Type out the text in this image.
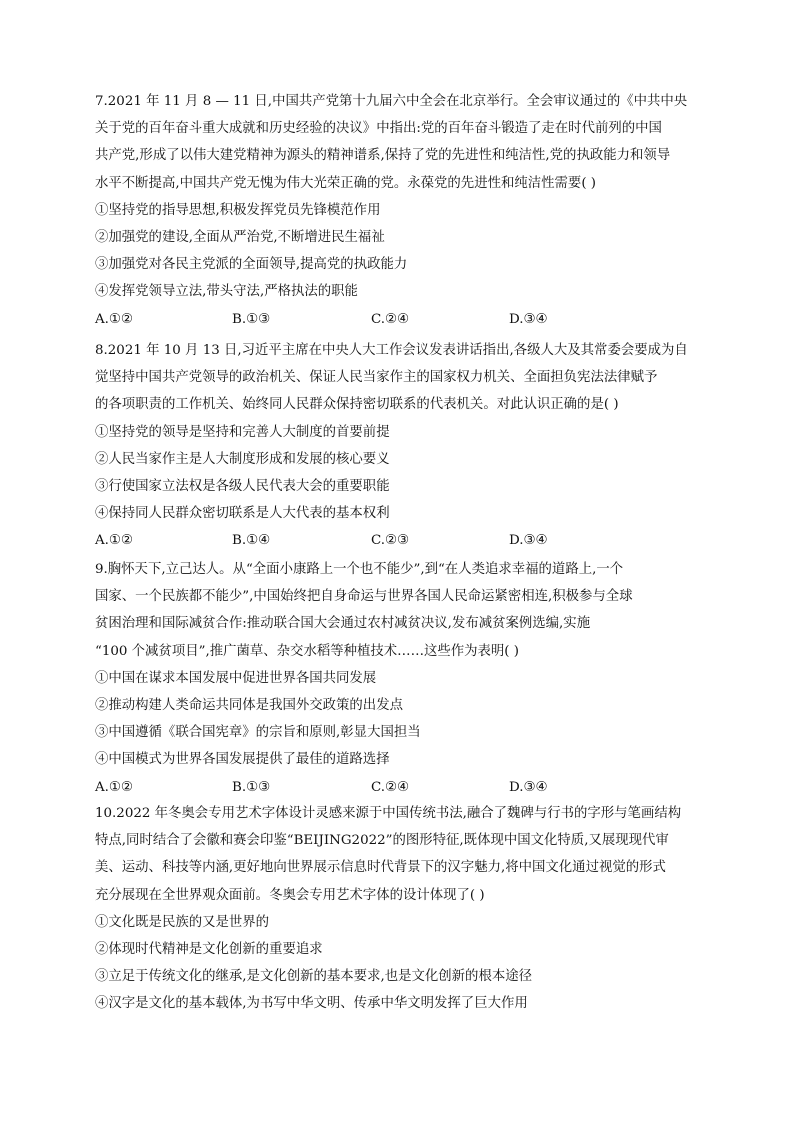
7.2021 年 11 月 8 — 11 日,中国共产党第十九届六中全会在北京举行。全会审议通过的《中共中央
关于党的百年奋斗重大成就和历史经验的决议》中指出:党的百年奋斗锻造了走在时代前列的中国
共产党,形成了以伟大建党精神为源头的精神谱系,保持了党的先进性和纯洁性,党的执政能力和领导
水平不断提高,中国共产党无愧为伟大光荣正确的党。永葆党的先进性和纯洁性需要( )
①坚持党的指导思想,积极发挥党员先锋模范作用
②加强党的建设,全面从严治党,不断增进民生福祉
③加强党对各民主党派的全面领导,提高党的执政能力
④发挥党领导立法,带头守法,严格执法的职能
A.①②	B.①③	C.②④	D.③④
8.2021 年 10 月 13 日,习近平主席在中央人大工作会议发表讲话指出,各级人大及其常委会要成为自
觉坚持中国共产党领导的政治机关、保证人民当家作主的国家权力机关、全面担负宪法法律赋予
的各项职责的工作机关、始终同人民群众保持密切联系的代表机关。对此认识正确的是( )
①坚持党的领导是坚持和完善人大制度的首要前提
②人民当家作主是人大制度形成和发展的核心要义
③行使国家立法权是各级人民代表大会的重要职能
④保持同人民群众密切联系是人大代表的基本权利
A.①②	B.①④	C.②③	D.③④
9.胸怀天下,立己达人。从“全面小康路上一个也不能少”,到“在人类追求幸福的道路上,一个
国家、一个民族都不能少”,中国始终把自身命运与世界各国人民命运紧密相连,积极参与全球
贫困治理和国际减贫合作:推动联合国大会通过农村减贫决议,发布减贫案例选编,实施
“100 个减贫项目”,推广菌草、杂交水稻等种植技术……这些作为表明( )
①中国在谋求本国发展中促进世界各国共同发展
②推动构建人类命运共同体是我国外交政策的出发点
③中国遵循《联合国宪章》的宗旨和原则,彰显大国担当
④中国模式为世界各国发展提供了最佳的道路选择
A.①②	B.①③	C.②④	D.③④
10.2022 年冬奥会专用艺术字体设计灵感来源于中国传统书法,融合了魏碑与行书的字形与笔画结构
特点,同时结合了会徽和赛会印鉴“BEIJING2022”的图形特征,既体现中国文化特质,又展现现代审
美、运动、科技等内涵,更好地向世界展示信息时代背景下的汉字魅力,将中国文化通过视觉的形式
充分展现在全世界观众面前。冬奥会专用艺术字体的设计体现了( )
①文化既是民族的又是世界的
②体现时代精神是文化创新的重要追求
③立足于传统文化的继承,是文化创新的基本要求,也是文化创新的根本途径
④汉字是文化的基本载体,为书写中华文明、传承中华文明发挥了巨大作用
